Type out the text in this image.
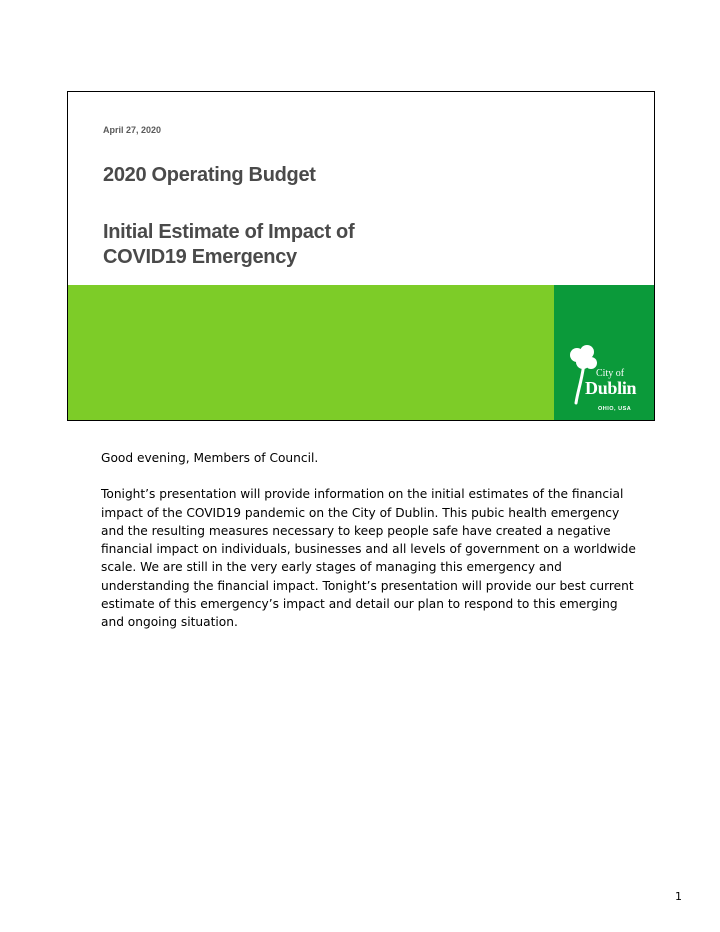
April 27, 2020
2020 Operating Budget
Initial Estimate of Impact of
COVID19 Emergency
City of
Dublin
OHIO, USA

Good evening, Members of Council.

Tonight’s presentation will provide information on the initial estimates of the financial impact of the COVID19 pandemic on the City of Dublin. This pubic health emergency and the resulting measures necessary to keep people safe have created a negative financial impact on individuals, businesses and all levels of government on a worldwide scale. We are still in the very early stages of managing this emergency and understanding the financial impact. Tonight’s presentation will provide our best current estimate of this emergency’s impact and detail our plan to respond to this emerging and ongoing situation.

1
